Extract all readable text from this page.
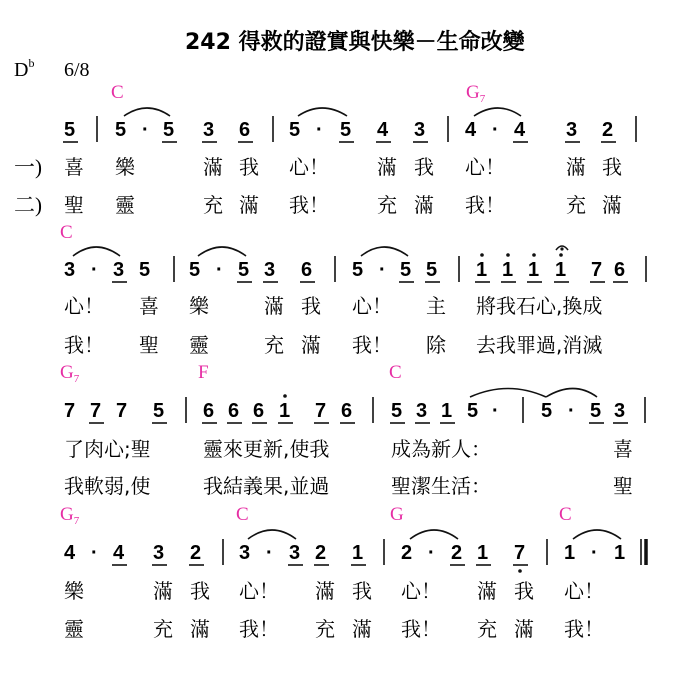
242 得救的證實與快樂－生命改變
$D^b$ 6/8
一)
二)
C	$G_7$
C
$G_7$	F	C
$G_7$	C	G	C
5 5 · 5 3 6 5 · 5 4 3 4 · 4 3 2
喜 樂	滿 我 心！ 滿 我 心！	滿 我
聖 靈	充 滿 我！ 充 滿 我！	充 滿
3 · 3 5 5 · 5 3 6 5 · 5 5 1 1 1 1 7 6
心！ 喜 樂	滿 我 心！ 主 將我石心,換成
我！ 聖 靈	充 滿 我！ 除 去我罪過,消滅
7 7 7 5 6 6 6 1 7 6 5 3 1 5 · 5 · 5 3
了肉心;聖	靈來更新,使我	成為新人：	喜
我軟弱,使	我結義果,並過	聖潔生活：	聖
4 · 4 3 2 3 · 3 2 1 2 · 2 1 7 1 · 1
樂	滿 我 心！ 滿 我 心！ 滿 我 心！
靈	充 滿 我！ 充 滿 我！ 充 滿 我！
